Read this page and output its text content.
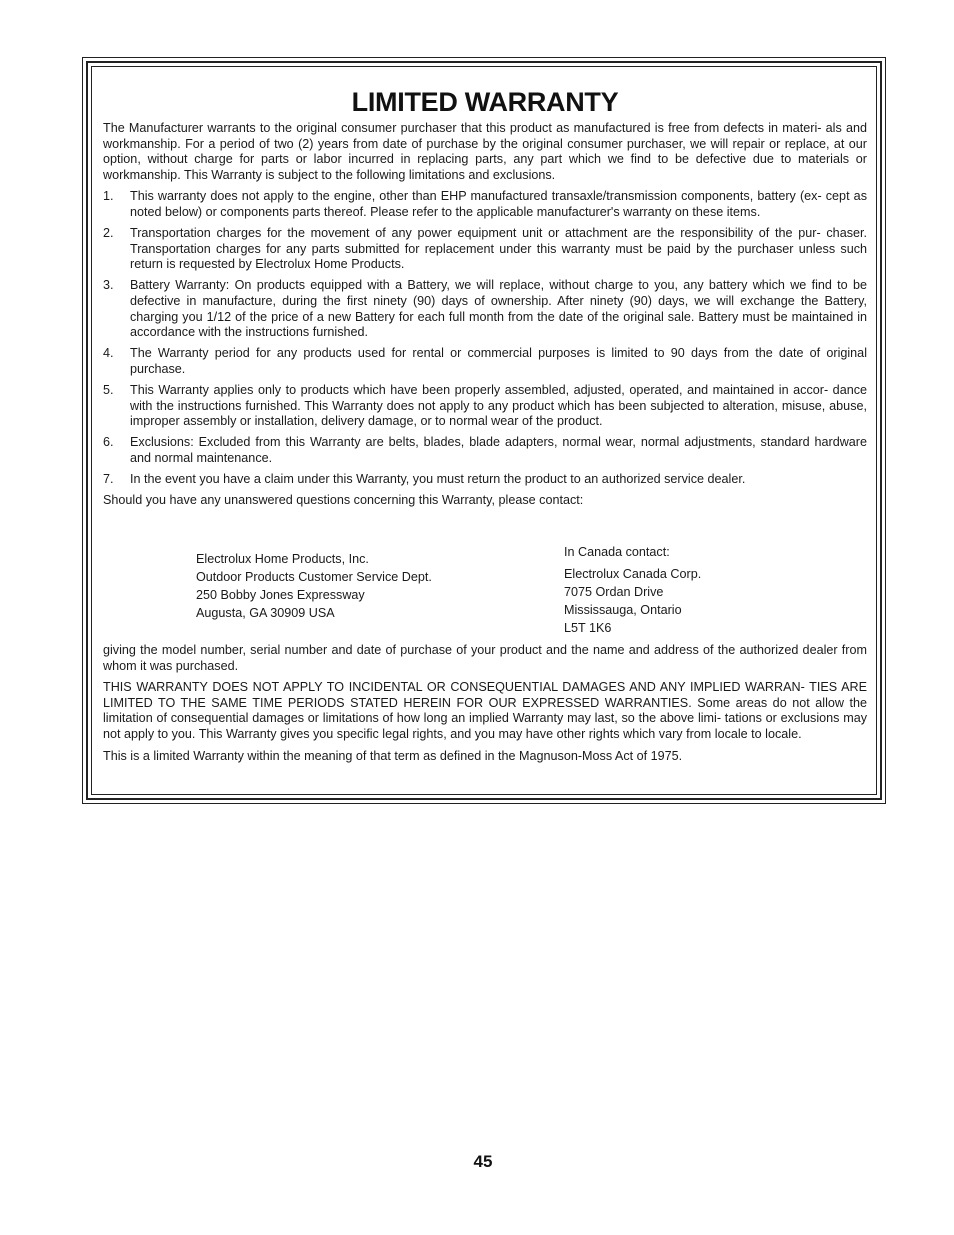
LIMITED WARRANTY

The Manufacturer warrants to the original consumer purchaser that this product as manufactured is free from defects in materi- als and workmanship. For a period of two (2) years from date of purchase by the original consumer purchaser, we will repair or replace, at our option, without charge for parts or labor incurred in replacing parts, any part which we find to be defective due to materials or workmanship. This Warranty is subject to the following limitations and exclusions.

1. This warranty does not apply to the engine, other than EHP manufactured transaxle/transmission components, battery (ex- cept as noted below) or components parts thereof. Please refer to the applicable manufacturer's warranty on these items.
2. Transportation charges for the movement of any power equipment unit or attachment are the responsibility of the pur- chaser. Transportation charges for any parts submitted for replacement under this warranty must be paid by the purchaser unless such return is requested by Electrolux Home Products.
3. Battery Warranty: On products equipped with a Battery, we will replace, without charge to you, any battery which we find to be defective in manufacture, during the first ninety (90) days of ownership. After ninety (90) days, we will exchange the Battery, charging you 1/12 of the price of a new Battery for each full month from the date of the original sale. Battery must be maintained in accordance with the instructions furnished.
4. The Warranty period for any products used for rental or commercial purposes is limited to 90 days from the date of original purchase.
5. This Warranty applies only to products which have been properly assembled, adjusted, operated, and maintained in accor- dance with the instructions furnished. This Warranty does not apply to any product which has been subjected to alteration, misuse, abuse, improper assembly or installation, delivery damage, or to normal wear of the product.
6. Exclusions: Excluded from this Warranty are belts, blades, blade adapters, normal wear, normal adjustments, standard hardware and normal maintenance.
7. In the event you have a claim under this Warranty, you must return the product to an authorized service dealer.

Should you have any unanswered questions concerning this Warranty, please contact:

Electrolux Home Products, Inc.
Outdoor Products Customer Service Dept.
250 Bobby Jones Expressway
Augusta, GA 30909 USA
In Canada contact:
Electrolux Canada Corp.
7075 Ordan Drive
Mississauga, Ontario
L5T 1K6

giving the model number, serial number and date of purchase of your product and the name and address of the authorized dealer from whom it was purchased.

THIS WARRANTY DOES NOT APPLY TO INCIDENTAL OR CONSEQUENTIAL DAMAGES AND ANY IMPLIED WARRAN- TIES ARE LIMITED TO THE SAME TIME PERIODS STATED HEREIN FOR OUR EXPRESSED WARRANTIES. Some areas do not allow the limitation of consequential damages or limitations of how long an implied Warranty may last, so the above limi- tations or exclusions may not apply to you. This Warranty gives you specific legal rights, and you may have other rights which vary from locale to locale.

This is a limited Warranty within the meaning of that term as defined in the Magnuson-Moss Act of 1975.

45
